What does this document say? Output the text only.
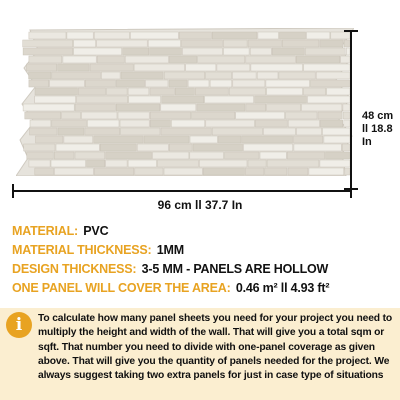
48 cm ll 18.8 In
96 cm ll 37.7 In
MATERIAL: PVC
MATERIAL THICKNESS: 1MM
DESIGN THICKNESS: 3-5 MM - PANELS ARE HOLLOW
ONE PANEL WILL COVER THE AREA: 0.46 m² ll 4.93 ft²
i	To calculate how many panel sheets you need for your project you need to multiply the height and width of the wall. That will give you a total sqm or sqft. That number you need to divide with one-panel coverage as given above. That will give you the quantity of panels needed for the project. We always suggest taking two extra panels for just in case type of situations
